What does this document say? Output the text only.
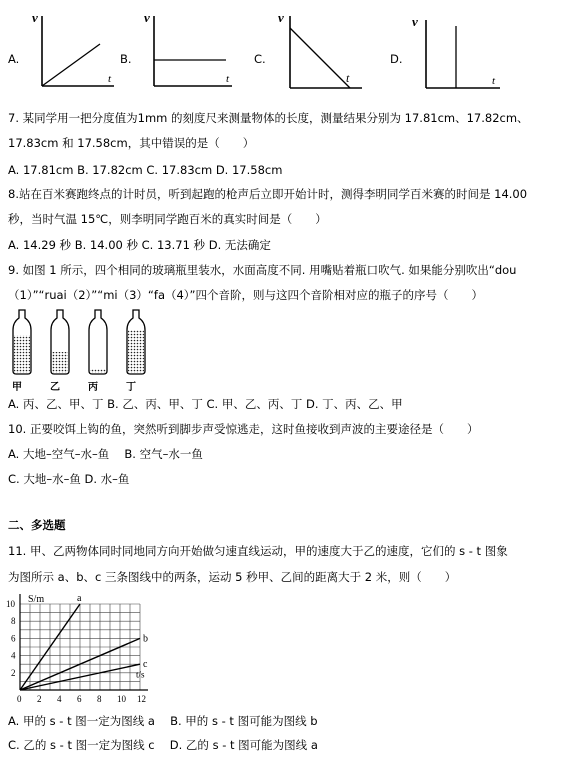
A.	B.	C.	D.
v
t
v
t
v
t
v
t
7. 某同学用一把分度值为1mm 的刻度尺来测量物体的长度，测量结果分别为 17.81cm、17.82cm、
17.83cm 和 17.58cm，其中错误的是（　　）
A. 17.81cm B. 17.82cm C. 17.83cm D. 17.58cm
8.站在百米赛跑终点的计时员，听到起跑的枪声后立即开始计时，测得李明同学百米赛的时间是 14.00
秒，当时气温 15℃，则李明同学跑百米的真实时间是（　　）
A. 14.29 秒 B. 14.00 秒 C. 13.71 秒 D. 无法确定
9. 如图 1 所示，四个相同的玻璃瓶里装水，水面高度不同. 用嘴贴着瓶口吹气. 如果能分别吹出“dou
（1）”“ruai（2）”“mi（3）“fa（4）”四个音阶，则与这四个音阶相对应的瓶子的序号（　　）
甲	乙	丙	丁
A. 丙、乙、甲、丁 B. 乙、丙、甲、丁 C. 甲、乙、丙、丁 D. 丁、丙、乙、甲
10. 正要咬饵上钩的鱼，突然听到脚步声受惊逃走，这时鱼接收到声波的主要途径是（　　）
A. 大地–空气–水–鱼　 B. 空气–水一鱼
C. 大地–水–鱼 D. 水–鱼
二、多选题
11. 甲、乙两物体同时同地同方向开始做匀速直线运动，甲的速度大于乙的速度，它们的 s - t 图象
为图所示 a、b、c 三条图线中的两条，运动 5 秒甲、乙间的距离大于 2 米，则（　　）
a
b
c
0 2 4 6 8 10 12
2
4
6
8
10 S/m
t/s
A. 甲的 s - t 图一定为图线 a　 B. 甲的 s - t 图可能为图线 b
C. 乙的 s - t 图一定为图线 c　 D. 乙的 s - t 图可能为图线 a
